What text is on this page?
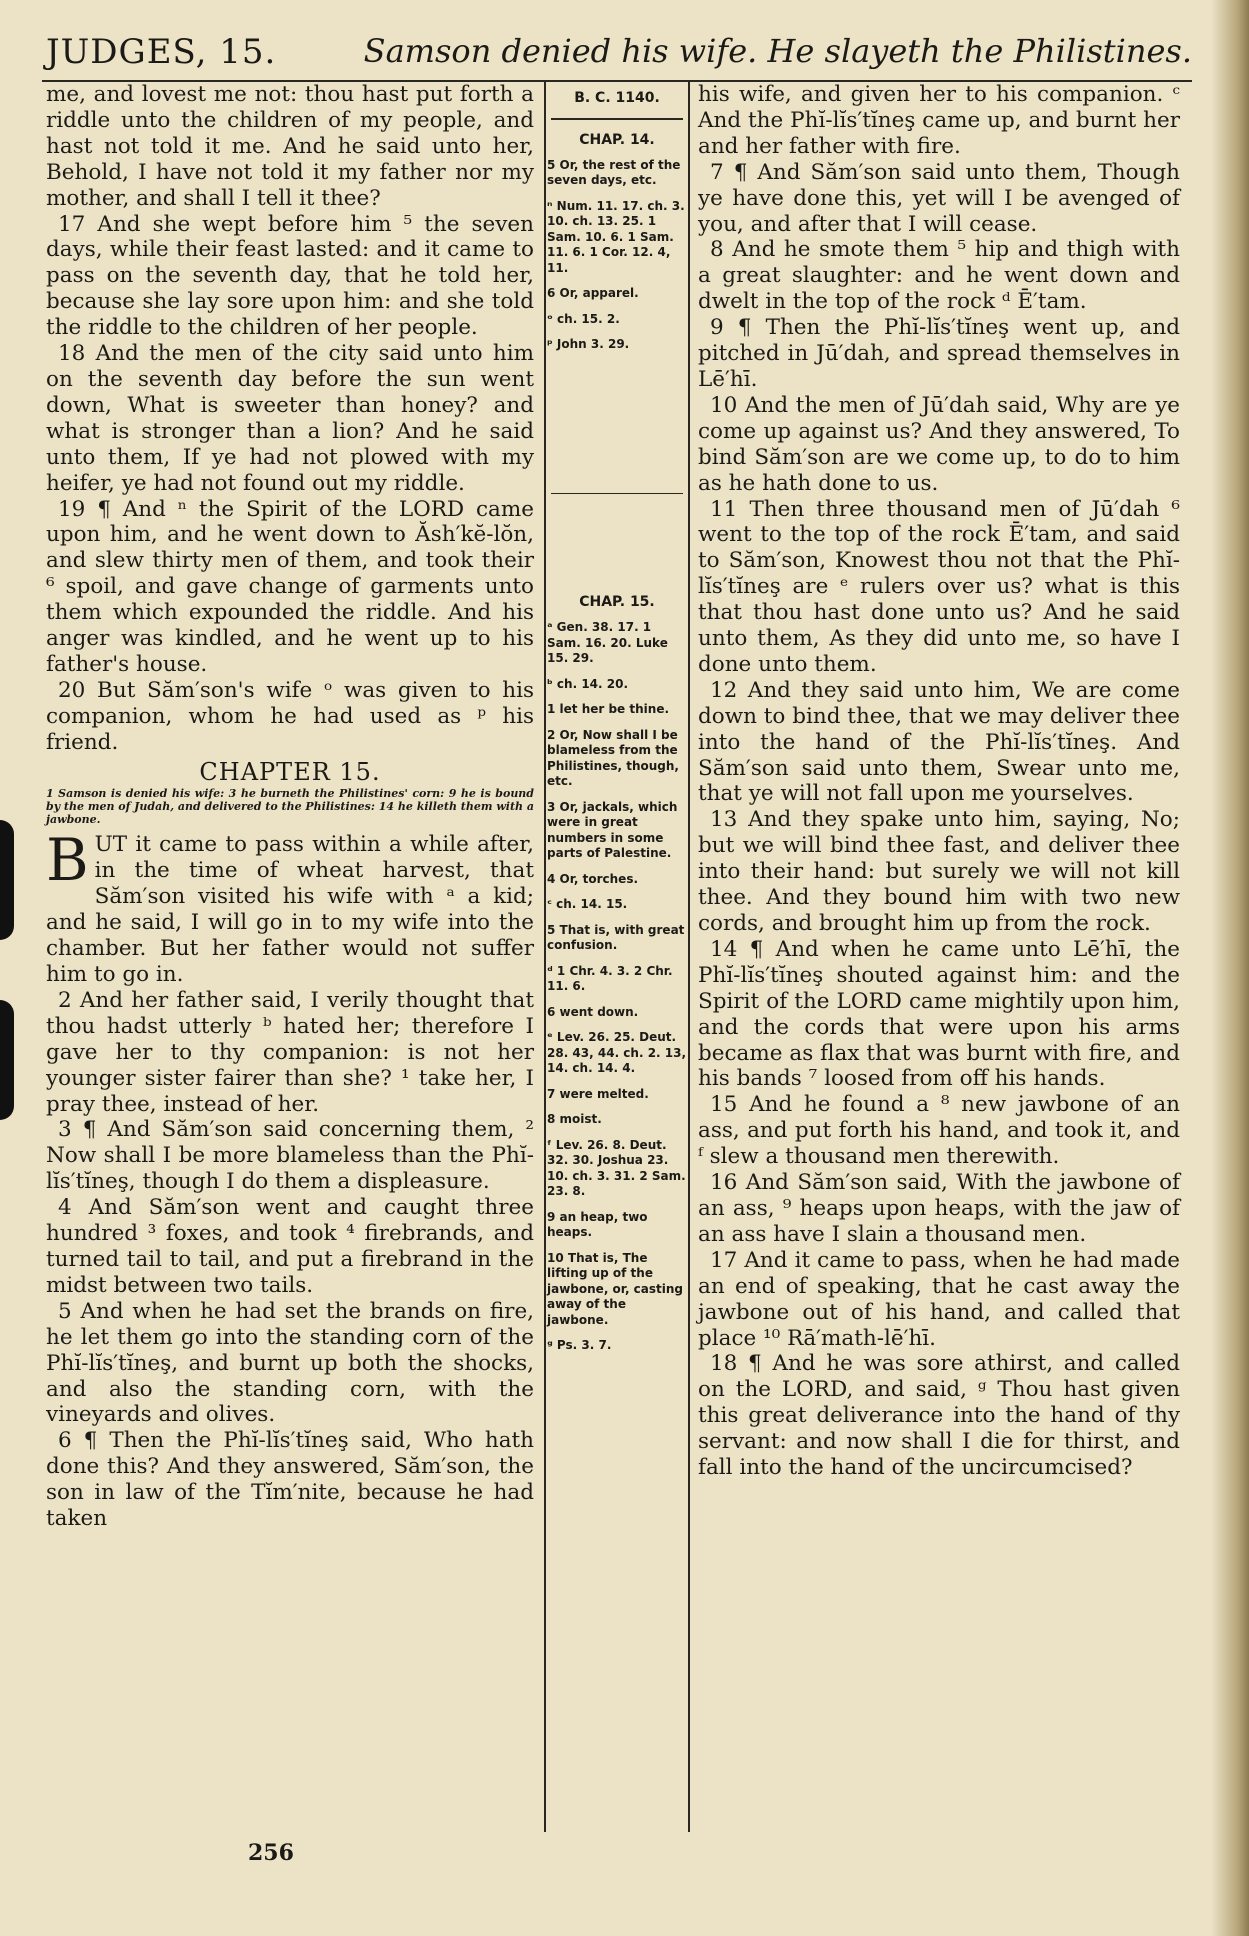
JUDGES, 15.	Samson denied his wife. He slayeth the Philistines.

me, and lovest me not: thou hast put forth a riddle unto the children of my people, and hast not told it me. And he said unto her, Behold, I have not told it my father nor my mother, and shall I tell it thee?

17 And she wept before him ⁵ the seven days, while their feast lasted: and it came to pass on the seventh day, that he told her, because she lay sore upon him: and she told the riddle to the children of her people.

18 And the men of the city said unto him on the seventh day before the sun went down, What is sweeter than honey? and what is stronger than a lion? And he said unto them, If ye had not plowed with my heifer, ye had not found out my riddle.

19 ¶ And ⁿ the Spirit of the LORD came upon him, and he went down to Ăsh′kĕ-lŏn, and slew thirty men of them, and took their ⁶ spoil, and gave change of garments unto them which expounded the riddle. And his anger was kindled, and he went up to his father's house.

20 But Săm′son's wife ᵒ was given to his companion, whom he had used as ᵖ his friend.

CHAPTER 15.
1 Samson is denied his wife: 3 he burneth the Philistines' corn: 9 he is bound by the men of Judah, and delivered to the Philistines: 14 he killeth them with a jawbone.

BUT it came to pass within a while after, in the time of wheat harvest, that Săm′son visited his wife with ᵃ a kid; and he said, I will go in to my wife into the chamber. But her father would not suffer him to go in.

2 And her father said, I verily thought that thou hadst utterly ᵇ hated her; therefore I gave her to thy companion: is not her younger sister fairer than she? ¹ take her, I pray thee, instead of her.

3 ¶ And Săm′son said concerning them, ² Now shall I be more blameless than the Phĭ-lĭs′tĭneş, though I do them a displeasure.

4 And Săm′son went and caught three hundred ³ foxes, and took ⁴ firebrands, and turned tail to tail, and put a firebrand in the midst between two tails.

5 And when he had set the brands on fire, he let them go into the standing corn of the Phĭ-lĭs′tĭneş, and burnt up both the shocks, and also the standing corn, with the vineyards and olives.

6 ¶ Then the Phĭ-lĭs′tĭneş said, Who hath done this? And they answered, Săm′son, the son in law of the Tĭm′nite, because he had taken

B. C. 1140.
CHAP. 14.

5 Or, the rest of the seven days, etc.

ⁿ Num. 11. 17. ch. 3. 10. ch. 13. 25. 1 Sam. 10. 6. 1 Sam. 11. 6. 1 Cor. 12. 4, 11.

6 Or, apparel.

ᵒ ch. 15. 2.

ᵖ John 3. 29.

CHAP. 15.

ᵃ Gen. 38. 17. 1 Sam. 16. 20. Luke 15. 29.

ᵇ ch. 14. 20.

1 let her be thine.

2 Or, Now shall I be blameless from the Philistines, though, etc.

3 Or, jackals, which were in great numbers in some parts of Palestine.

4 Or, torches.

ᶜ ch. 14. 15.

5 That is, with great confusion.

ᵈ 1 Chr. 4. 3. 2 Chr. 11. 6.

6 went down.

ᵉ Lev. 26. 25. Deut. 28. 43, 44. ch. 2. 13, 14. ch. 14. 4.

7 were melted.

8 moist.

ᶠ Lev. 26. 8. Deut. 32. 30. Joshua 23. 10. ch. 3. 31. 2 Sam. 23. 8.

9 an heap, two heaps.

10 That is, The lifting up of the jawbone, or, casting away of the jawbone.

ᵍ Ps. 3. 7.

his wife, and given her to his companion. ᶜ And the Phĭ-lĭs′tĭneş came up, and burnt her and her father with fire.

7 ¶ And Săm′son said unto them, Though ye have done this, yet will I be avenged of you, and after that I will cease.

8 And he smote them ⁵ hip and thigh with a great slaughter: and he went down and dwelt in the top of the rock ᵈ Ē′tam.

9 ¶ Then the Phĭ-lĭs′tĭneş went up, and pitched in Jū′dah, and spread themselves in Lē′hī.

10 And the men of Jū′dah said, Why are ye come up against us? And they answered, To bind Săm′son are we come up, to do to him as he hath done to us.

11 Then three thousand men of Jū′dah ⁶ went to the top of the rock Ē′tam, and said to Săm′son, Knowest thou not that the Phĭ-lĭs′tĭneş are ᵉ rulers over us? what is this that thou hast done unto us? And he said unto them, As they did unto me, so have I done unto them.

12 And they said unto him, We are come down to bind thee, that we may deliver thee into the hand of the Phĭ-lĭs′tĭneş. And Săm′son said unto them, Swear unto me, that ye will not fall upon me yourselves.

13 And they spake unto him, saying, No; but we will bind thee fast, and deliver thee into their hand: but surely we will not kill thee. And they bound him with two new cords, and brought him up from the rock.

14 ¶ And when he came unto Lē′hī, the Phĭ-lĭs′tĭneş shouted against him: and the Spirit of the LORD came mightily upon him, and the cords that were upon his arms became as flax that was burnt with fire, and his bands ⁷ loosed from off his hands.

15 And he found a ⁸ new jawbone of an ass, and put forth his hand, and took it, and ᶠ slew a thousand men therewith.

16 And Săm′son said, With the jawbone of an ass, ⁹ heaps upon heaps, with the jaw of an ass have I slain a thousand men.

17 And it came to pass, when he had made an end of speaking, that he cast away the jawbone out of his hand, and called that place ¹⁰ Rā′math-lē′hī.

18 ¶ And he was sore athirst, and called on the LORD, and said, ᵍ Thou hast given this great deliverance into the hand of thy servant: and now shall I die for thirst, and fall into the hand of the uncircumcised?

256
